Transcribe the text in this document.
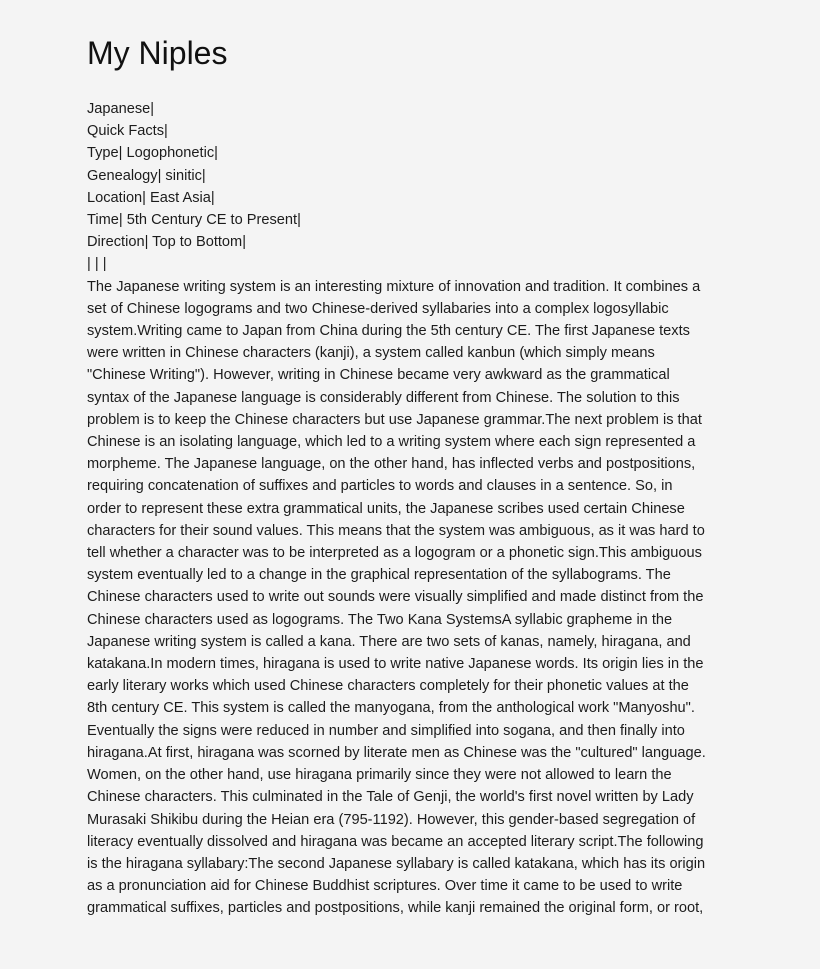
My Niples
Japanese|
Quick Facts|
Type| Logophonetic|
Genealogy| sinitic|
Location| East Asia|
Time| 5th Century CE to Present|
Direction| Top to Bottom|
| | |

The Japanese writing system is an interesting mixture of innovation and tradition. It combines a
set of Chinese logograms and two Chinese-derived syllabaries into a complex logosyllabic
system.Writing came to Japan from China during the 5th century CE. The first Japanese texts
were written in Chinese characters (kanji), a system called kanbun (which simply means
"Chinese Writing"). However, writing in Chinese became very awkward as the grammatical
syntax of the Japanese language is considerably different from Chinese. The solution to this
problem is to keep the Chinese characters but use Japanese grammar.The next problem is that
Chinese is an isolating language, which led to a writing system where each sign represented a
morpheme. The Japanese language, on the other hand, has inflected verbs and postpositions,
requiring concatenation of suffixes and particles to words and clauses in a sentence. So, in
order to represent these extra grammatical units, the Japanese scribes used certain Chinese
characters for their sound values. This means that the system was ambiguous, as it was hard to
tell whether a character was to be interpreted as a logogram or a phonetic sign.This ambiguous
system eventually led to a change in the graphical representation of the syllabograms. The
Chinese characters used to write out sounds were visually simplified and made distinct from the
Chinese characters used as logograms. The Two Kana SystemsA syllabic grapheme in the
Japanese writing system is called a kana. There are two sets of kanas, namely, hiragana, and
katakana.In modern times, hiragana is used to write native Japanese words. Its origin lies in the
early literary works which used Chinese characters completely for their phonetic values at the
8th century CE. This system is called the manyogana, from the anthological work "Manyoshu".
Eventually the signs were reduced in number and simplified into sogana, and then finally into
hiragana.At first, hiragana was scorned by literate men as Chinese was the "cultured" language.
Women, on the other hand, use hiragana primarily since they were not allowed to learn the
Chinese characters. This culminated in the Tale of Genji, the world's first novel written by Lady
Murasaki Shikibu during the Heian era (795-1192). However, this gender-based segregation of
literacy eventually dissolved and hiragana was became an accepted literary script.The following
is the hiragana syllabary:The second Japanese syllabary is called katakana, which has its origin
as a pronunciation aid for Chinese Buddhist scriptures. Over time it came to be used to write
grammatical suffixes, particles and postpositions, while kanji remained the original form, or root,
